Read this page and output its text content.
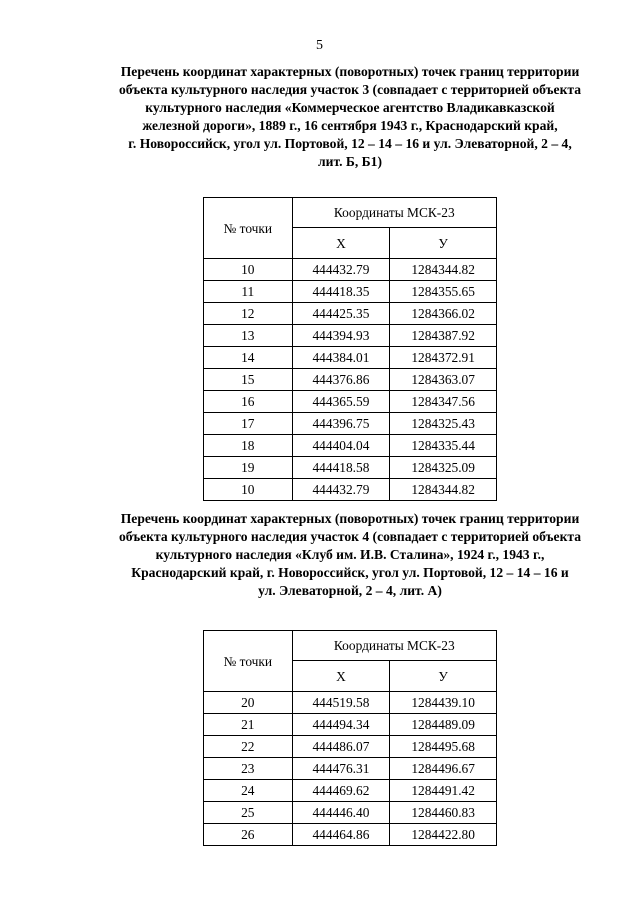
5
Перечень координат характерных (поворотных) точек границ территории
объекта культурного наследия участок 3 (совпадает с территорией объекта
культурного наследия «Коммерческое агентство Владикавказской
железной дороги», 1889 г., 16 сентября 1943 г., Краснодарский край,
г. Новороссийск, угол ул. Портовой, 12 – 14 – 16 и ул. Элеваторной, 2 – 4,
лит. Б, Б1)
№ точки	Координаты МСК-23	
	Х	У
10	444432.79	1284344.82
11	444418.35	1284355.65
12	444425.35	1284366.02
13	444394.93	1284387.92
14	444384.01	1284372.91
15	444376.86	1284363.07
16	444365.59	1284347.56
17	444396.75	1284325.43
18	444404.04	1284335.44
19	444418.58	1284325.09
10	444432.79	1284344.82
Перечень координат характерных (поворотных) точек границ территории
объекта культурного наследия участок 4 (совпадает с территорией объекта
культурного наследия «Клуб им. И.В. Сталина», 1924 г., 1943 г.,
Краснодарский край, г. Новороссийск, угол ул. Портовой, 12 – 14 – 16 и
ул. Элеваторной, 2 – 4, лит. А)
№ точки	Координаты МСК-23	
	Х	У
20	444519.58	1284439.10
21	444494.34	1284489.09
22	444486.07	1284495.68
23	444476.31	1284496.67
24	444469.62	1284491.42
25	444446.40	1284460.83
26	444464.86	1284422.80
